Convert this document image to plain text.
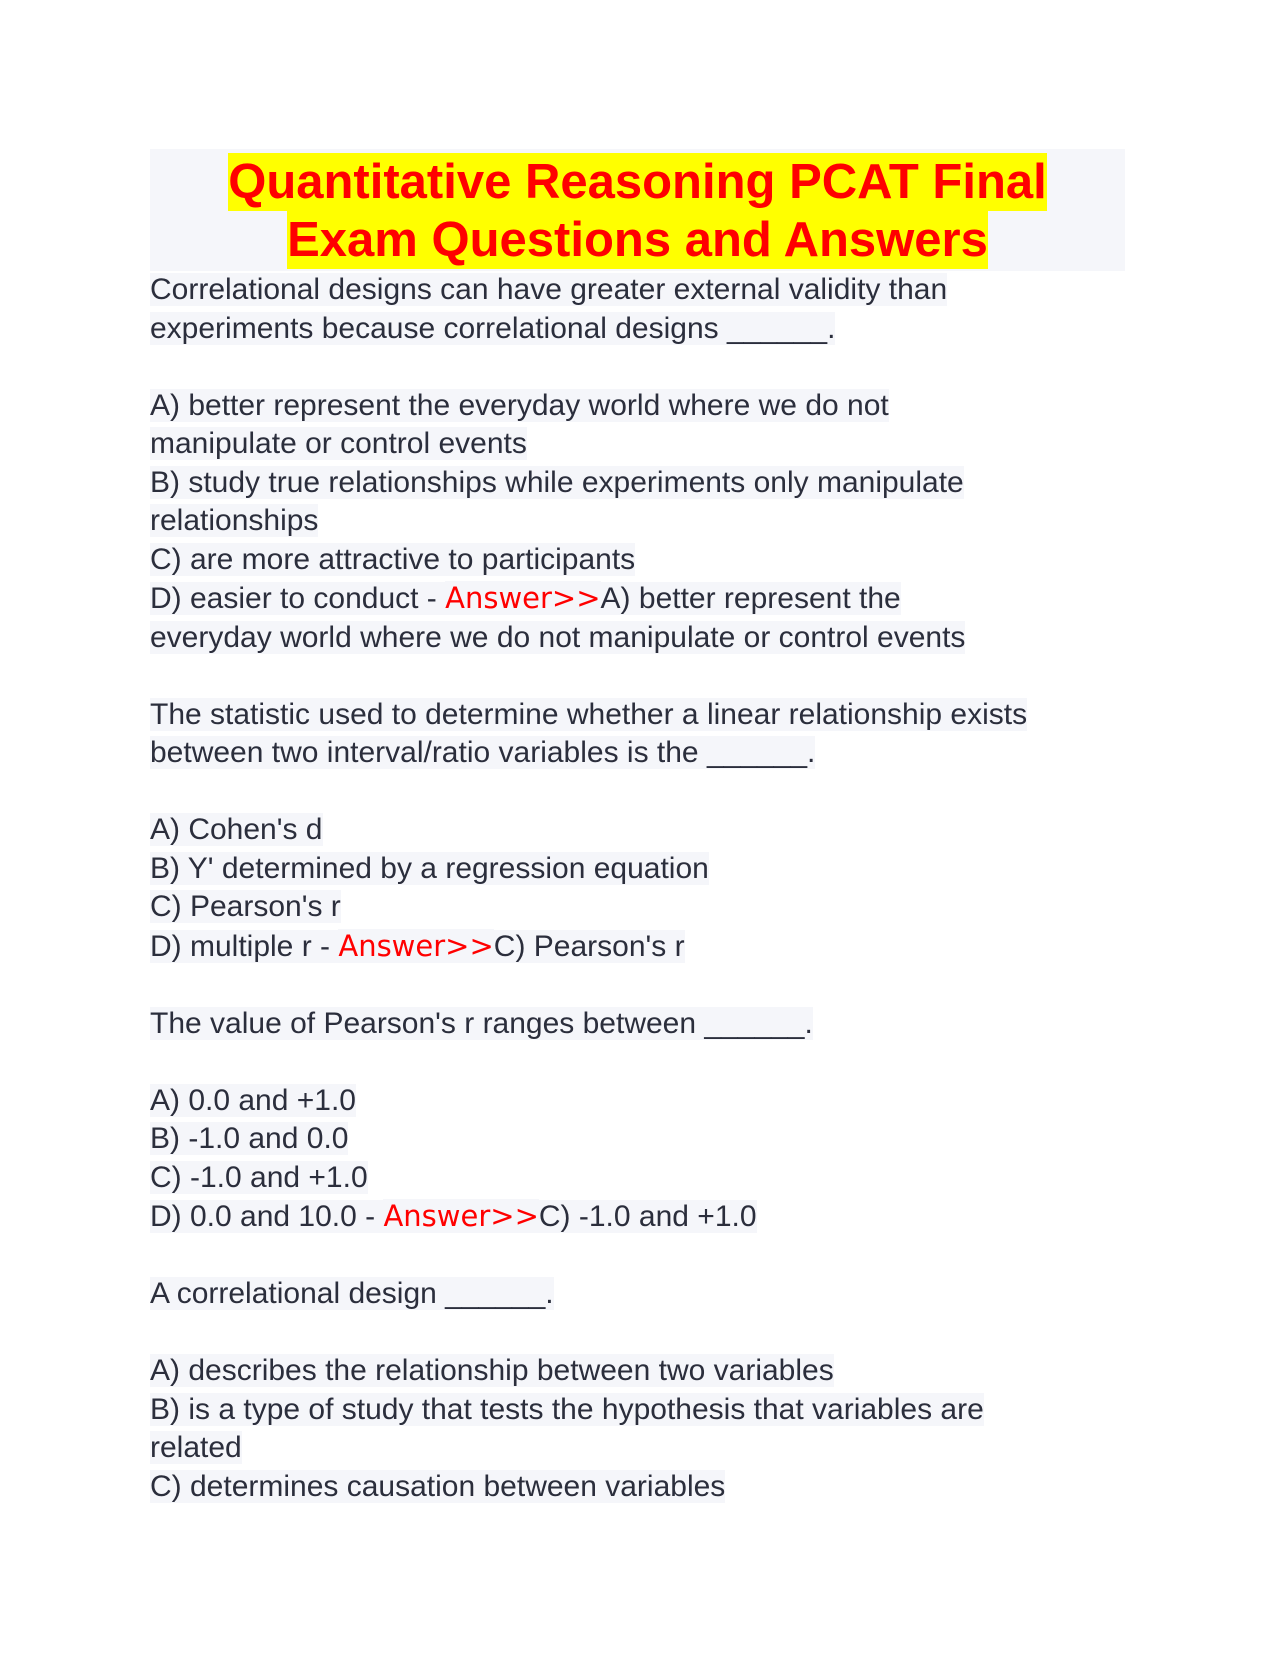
Quantitative Reasoning PCAT Final
Exam Questions and Answers
Correlational designs can have greater external validity than
experiments because correlational designs ______.
A) better represent the everyday world where we do not
manipulate or control events
B) study true relationships while experiments only manipulate
relationships
C) are more attractive to participants
D) easier to conduct - Answer>>A) better represent the
everyday world where we do not manipulate or control events
The statistic used to determine whether a linear relationship exists
between two interval/ratio variables is the ______.
A) Cohen's d
B) Y' determined by a regression equation
C) Pearson's r
D) multiple r - Answer>>C) Pearson's r
The value of Pearson's r ranges between ______.
A) 0.0 and +1.0
B) -1.0 and 0.0
C) -1.0 and +1.0
D) 0.0 and 10.0 - Answer>>C) -1.0 and +1.0
A correlational design ______.
A) describes the relationship between two variables
B) is a type of study that tests the hypothesis that variables are
related
C) determines causation between variables
